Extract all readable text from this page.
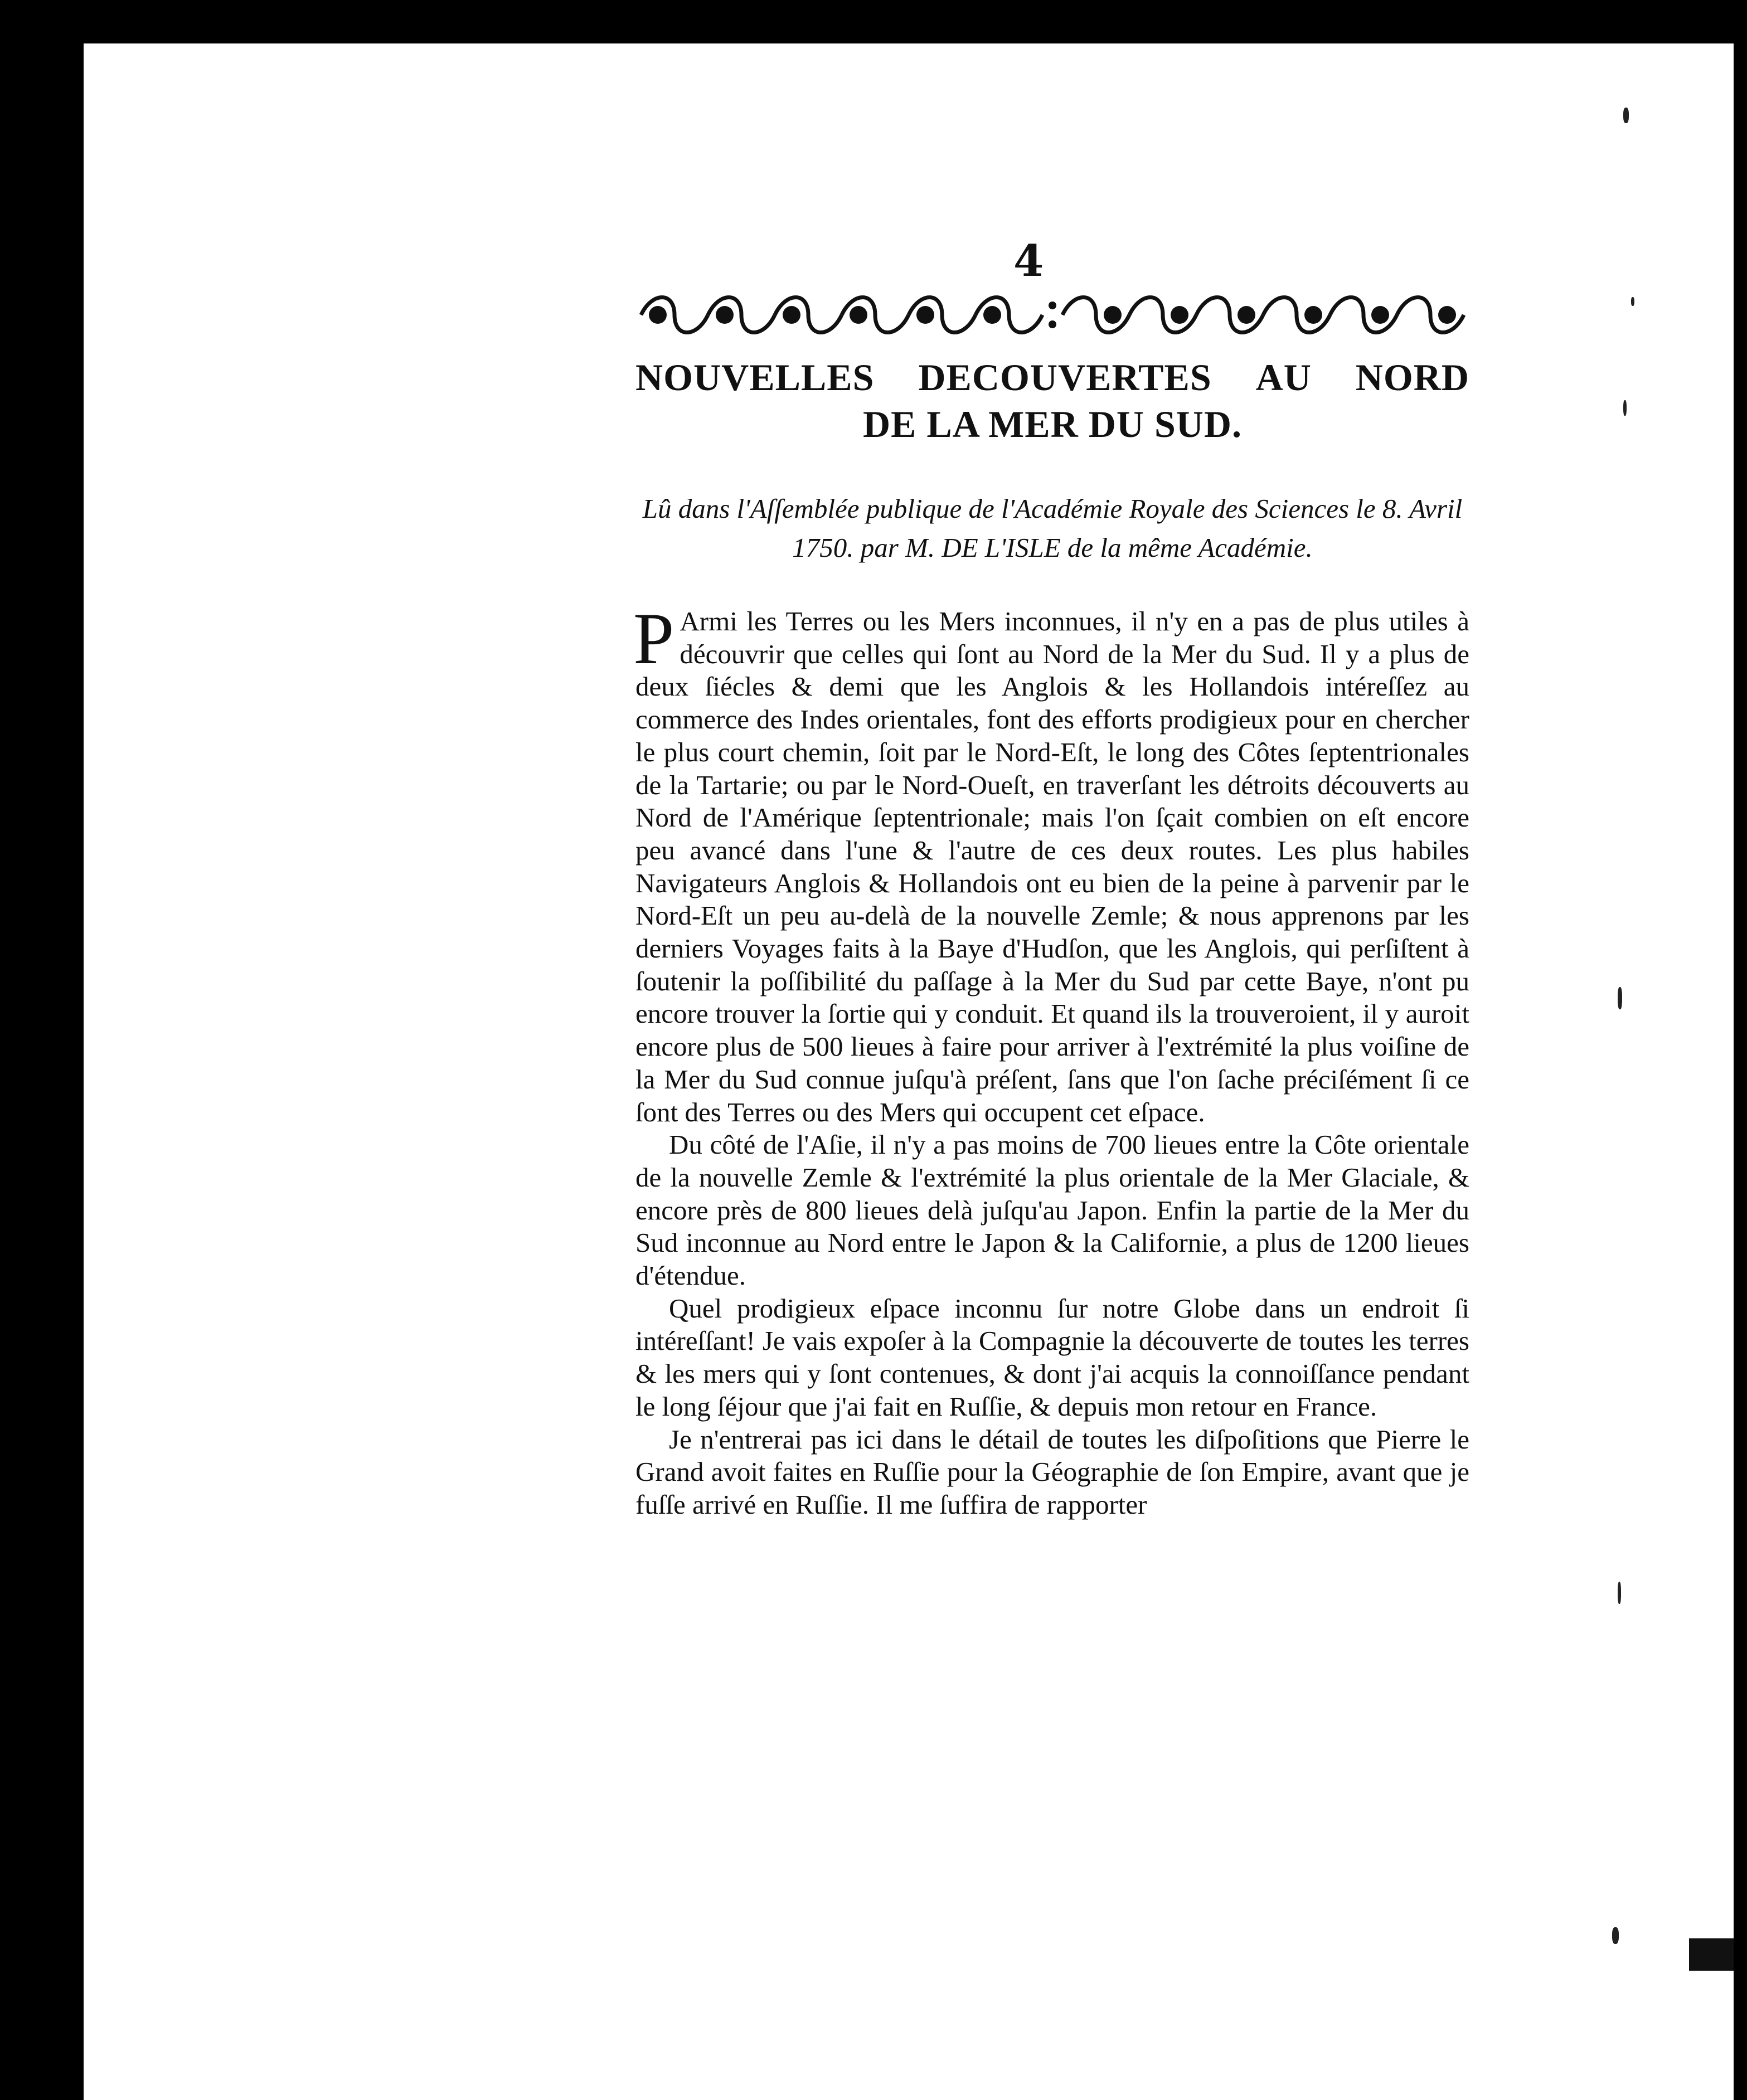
4
NOUVELLES DECOUVERTES AU NORD
DE LA MER DU SUD.
Lû dans l'Aſſemblée publique de l'Académie Royale des Sciences le 8. Avril
1750. par M. DE L'ISLE de la même Académie.

P Armi les Terres ou les Mers inconnues, il n'y en a pas de plus utiles à découvrir que celles qui ſont au Nord de la Mer du Sud. Il y a plus de deux ſiécles & demi que les Anglois & les Hollandois intéreſſez au commerce des Indes orientales, font des efforts prodigieux pour en chercher le plus court chemin, ſoit par le Nord-Eſt, le long des Côtes ſeptentrionales de la Tartarie; ou par le Nord-Oueſt, en traverſant les détroits découverts au Nord de l'Amérique ſeptentrionale; mais l'on ſçait combien on eſt encore peu avancé dans l'une & l'autre de ces deux routes. Les plus habiles Navigateurs Anglois & Hollandois ont eu bien de la peine à parvenir par le Nord-Eſt un peu au-delà de la nouvelle Zemle; & nous apprenons par les derniers Voyages faits à la Baye d'Hudſon, que les Anglois, qui perſiſtent à ſoutenir la poſſibilité du paſſage à la Mer du Sud par cette Baye, n'ont pu encore trouver la ſortie qui y conduit. Et quand ils la trouveroient, il y auroit encore plus de 500 lieues à faire pour arriver à l'extrémité la plus voiſine de la Mer du Sud connue juſqu'à préſent, ſans que l'on ſache préciſément ſi ce ſont des Terres ou des Mers qui occupent cet eſpace.

Du côté de l'Aſie, il n'y a pas moins de 700 lieues entre la Côte orientale de la nouvelle Zemle & l'extrémité la plus orientale de la Mer Glaciale, & encore près de 800 lieues delà juſqu'au Japon. Enfin la partie de la Mer du Sud inconnue au Nord entre le Japon & la Californie, a plus de 1200 lieues d'étendue.

Quel prodigieux eſpace inconnu ſur notre Globe dans un endroit ſi intéreſſant! Je vais expoſer à la Compagnie la découverte de toutes les terres & les mers qui y ſont contenues, & dont j'ai acquis la connoiſſance pendant le long ſéjour que j'ai fait en Ruſſie, & depuis mon retour en France.

Je n'entrerai pas ici dans le détail de toutes les diſpoſitions que Pierre le Grand avoit faites en Ruſſie pour la Géographie de ſon Empire, avant que je fuſſe arrivé en Ruſſie. Il me ſuffira de rapporter
